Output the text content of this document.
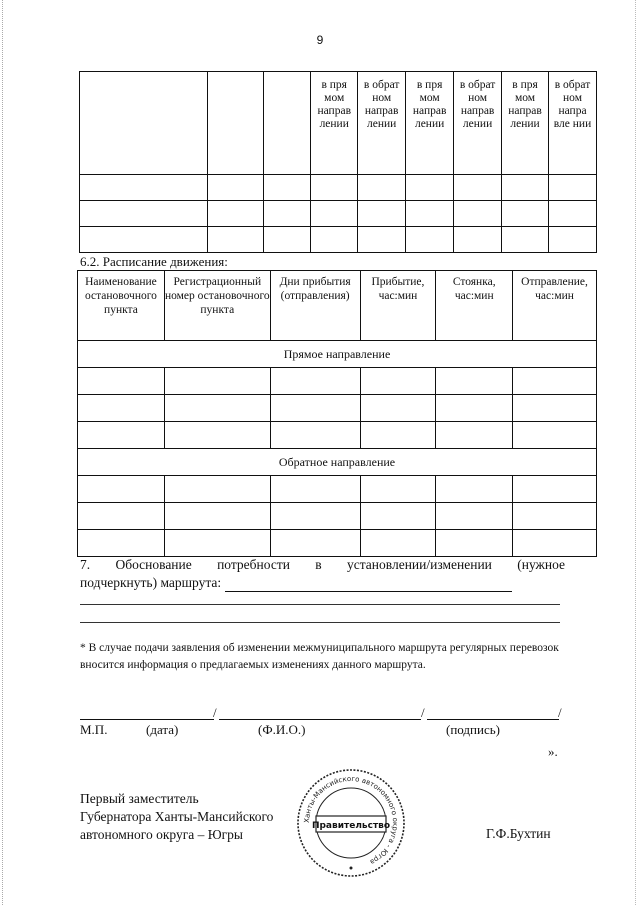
9
			в пря мом направ лении	в обрат ном направ лении	в пря мом направ лении	в обрат ном направ лении	в пря мом направ лении	в обрат ном напра вле нии

6.2. Расписание движения:
Наименование остановочного пункта	Регистрационный номер остановочного пункта	Дни прибытия (отправления)	Прибытие, час:мин	Стоянка, час:мин	Отправление, час:мин
Прямое направление					

Обратное направление					

7. Обоснование потребности в установлении/изменении (нужное
подчеркнуть) маршрута:
* В случае подачи заявления об изменении межмуниципального маршрута регулярных перевозок вносится информация о предлагаемых изменениях данного маршрута.
/	/	/
М.П.	(дата)	(Ф.И.О.)	(подпись)
».
Первый заместитель
Губернатора Ханты-Мансийского
автономного округа – Югры	Г.Ф.Бухтин
Ханты-Мансийского автономного округа - Югра
Правительство
